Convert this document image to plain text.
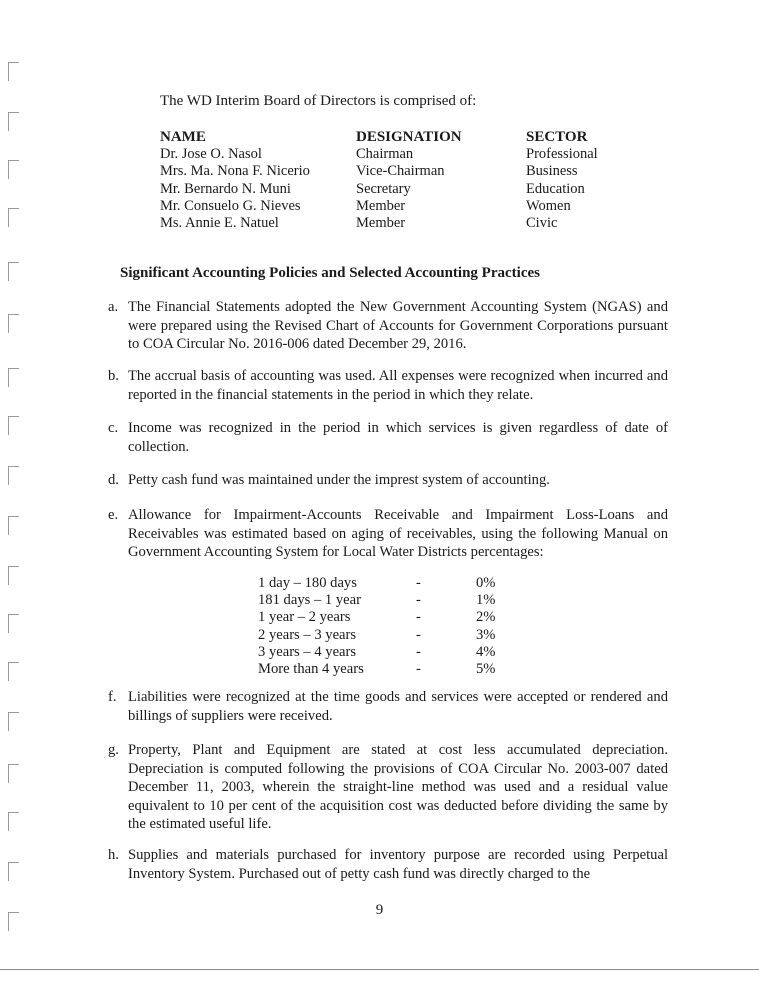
The WD Interim Board of Directors is comprised of:
NAME	DESIGNATION	SECTOR
Dr. Jose O. Nasol	Chairman	Professional
Mrs. Ma. Nona F. Nicerio	Vice-Chairman	Business
Mr. Bernardo N. Muni	Secretary	Education
Mr. Consuelo G. Nieves	Member	Women
Ms. Annie E. Natuel	Member	Civic
Significant Accounting Policies and Selected Accounting Practices
a. The Financial Statements adopted the New Government Accounting System (NGAS) and were prepared using the Revised Chart of Accounts for Government Corporations pursuant to COA Circular No. 2016-006 dated December 29, 2016.
b. The accrual basis of accounting was used. All expenses were recognized when incurred and reported in the financial statements in the period in which they relate.
c. Income was recognized in the period in which services is given regardless of date of collection.
d. Petty cash fund was maintained under the imprest system of accounting.
e. Allowance for Impairment-Accounts Receivable and Impairment Loss-Loans and Receivables was estimated based on aging of receivables, using the following Manual on Government Accounting System for Local Water Districts percentages:
1 day – 180 days	-	0%
181 days – 1 year	-	1%
1 year – 2 years	-	2%
2 years – 3 years	-	3%
3 years – 4 years	-	4%
More than 4 years	-	5%
f. Liabilities were recognized at the time goods and services were accepted or rendered and billings of suppliers were received.
g. Property, Plant and Equipment are stated at cost less accumulated depreciation. Depreciation is computed following the provisions of COA Circular No. 2003-007 dated December 11, 2003, wherein the straight-line method was used and a residual value equivalent to 10 per cent of the acquisition cost was deducted before dividing the same by the estimated useful life.
h. Supplies and materials purchased for inventory purpose are recorded using Perpetual Inventory System. Purchased out of petty cash fund was directly charged to the
9
